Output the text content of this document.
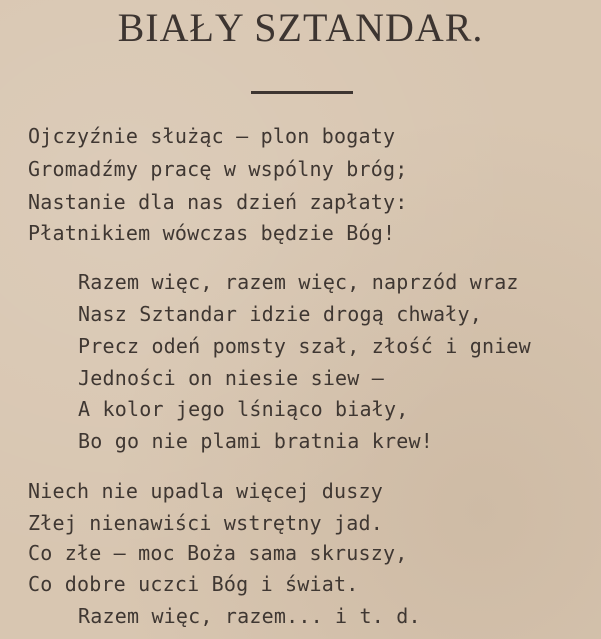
BIAŁY SZTANDAR.
Ojczyźnie służąc — plon bogaty
Gromadźmy pracę w wspólny bróg;
Nastanie dla nas dzień zapłaty:
Płatnikiem wówczas będzie Bóg!
Razem więc, razem więc, naprzód wraz
Nasz Sztandar idzie drogą chwały,
Precz odeń pomsty szał, złość i gniew
Jedności on niesie siew —
A kolor jego lśniąco biały,
Bo go nie plami bratnia krew!
Niech nie upadla więcej duszy
Złej nienawiści wstrętny jad.
Co złe — moc Boża sama skruszy,
Co dobre uczci Bóg i świat.
Razem więc, razem... i t. d.
